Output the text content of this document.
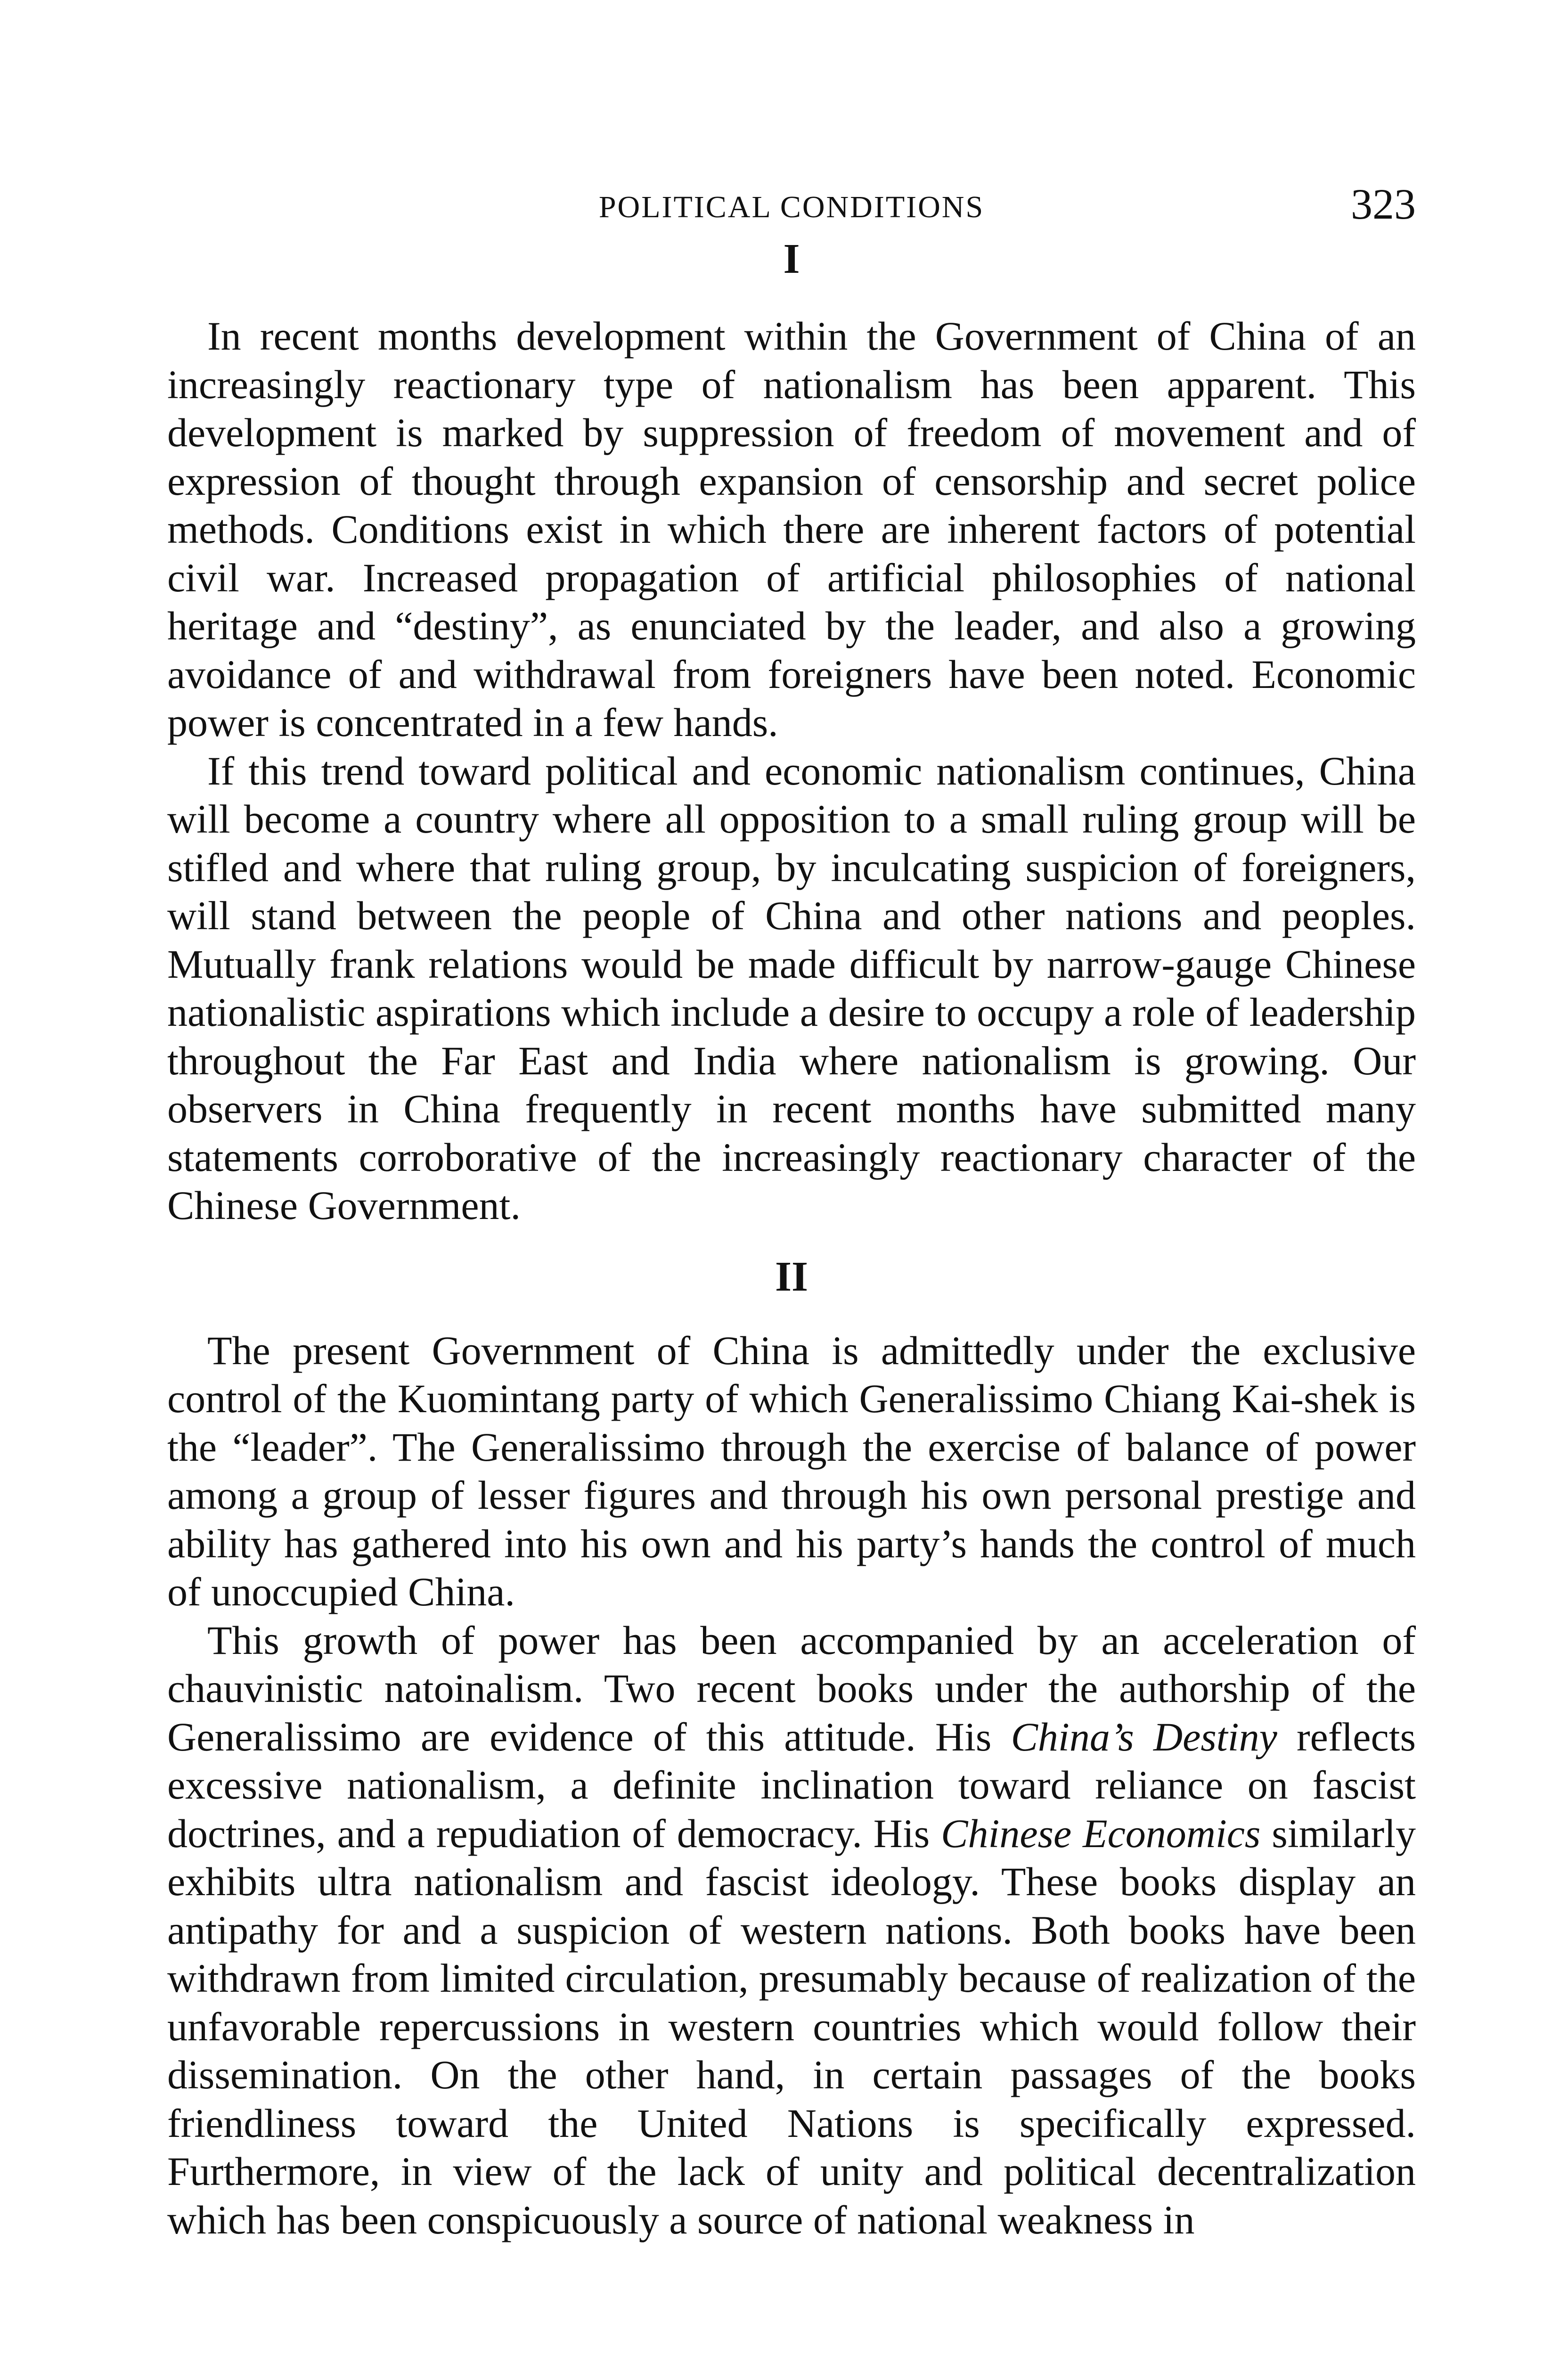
POLITICAL CONDITIONS	323
I

In recent months development within the Government of China of an increasingly reactionary type of nationalism has been apparent. This development is marked by suppression of freedom of movement and of expression of thought through expansion of censorship and secret police methods. Conditions exist in which there are inherent factors of potential civil war. Increased propagation of artificial philosophies of national heritage and “destiny”, as enunciated by the leader, and also a growing avoidance of and withdrawal from foreigners have been noted. Economic power is concentrated in a few hands.

If this trend toward political and economic nationalism continues, China will become a country where all opposition to a small ruling group will be stifled and where that ruling group, by inculcating suspicion of foreigners, will stand between the people of China and other nations and peoples. Mutually frank relations would be made difficult by narrow-gauge Chinese nationalistic aspirations which include a desire to occupy a role of leadership throughout the Far East and India where nationalism is growing. Our observers in China frequently in recent months have submitted many statements corroborative of the increasingly reactionary character of the Chinese Government.

II

The present Government of China is admittedly under the exclusive control of the Kuomintang party of which Generalissimo Chiang Kai-shek is the “leader”. The Generalissimo through the exercise of balance of power among a group of lesser figures and through his own personal prestige and ability has gathered into his own and his party’s hands the control of much of unoccupied China.

This growth of power has been accompanied by an acceleration of chauvinistic natoinalism. Two recent books under the authorship of the Generalissimo are evidence of this attitude. His China’s Destiny reflects excessive nationalism, a definite inclination toward reliance on fascist doctrines, and a repudiation of democracy. His Chinese Economics similarly exhibits ultra nationalism and fascist ideology. These books display an antipathy for and a suspicion of western nations. Both books have been withdrawn from limited circulation, presumably because of realization of the unfavorable repercussions in western countries which would follow their dissemination. On the other hand, in certain passages of the books friendliness toward the United Nations is specifically expressed. Furthermore, in view of the lack of unity and political decentralization which has been conspicuously a source of national weakness in
